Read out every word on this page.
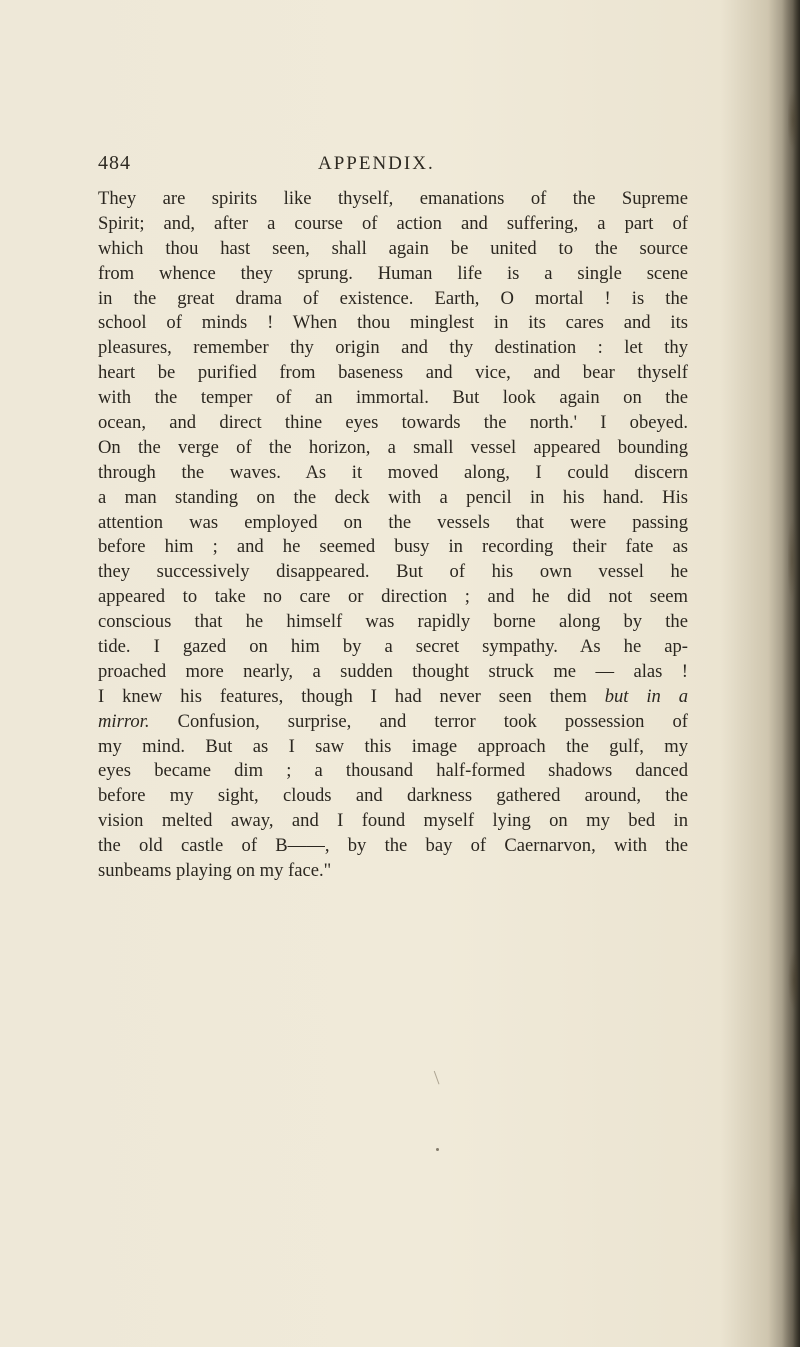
484	APPENDIX.
They are spirits like thyself, emanations of the Supreme
Spirit; and, after a course of action and suffering, a part of
which thou hast seen, shall again be united to the source
from whence they sprung. Human life is a single scene
in the great drama of existence. Earth, O mortal ! is the
school of minds ! When thou minglest in its cares and its
pleasures, remember thy origin and thy destination : let thy
heart be purified from baseness and vice, and bear thyself
with the temper of an immortal. But look again on the
ocean, and direct thine eyes towards the north.' I obeyed.
On the verge of the horizon, a small vessel appeared bounding
through the waves. As it moved along, I could discern
a man standing on the deck with a pencil in his hand. His
attention was employed on the vessels that were passing
before him ; and he seemed busy in recording their fate as
they successively disappeared. But of his own vessel he
appeared to take no care or direction ; and he did not seem
conscious that he himself was rapidly borne along by the
tide. I gazed on him by a secret sympathy. As he ap-
proached more nearly, a sudden thought struck me — alas !
I knew his features, though I had never seen them but in a
mirror. Confusion, surprise, and terror took possession of
my mind. But as I saw this image approach the gulf, my
eyes became dim ; a thousand half-formed shadows danced
before my sight, clouds and darkness gathered around, the
vision melted away, and I found myself lying on my bed in
the old castle of B——, by the bay of Caernarvon, with the
sunbeams playing on my face."
